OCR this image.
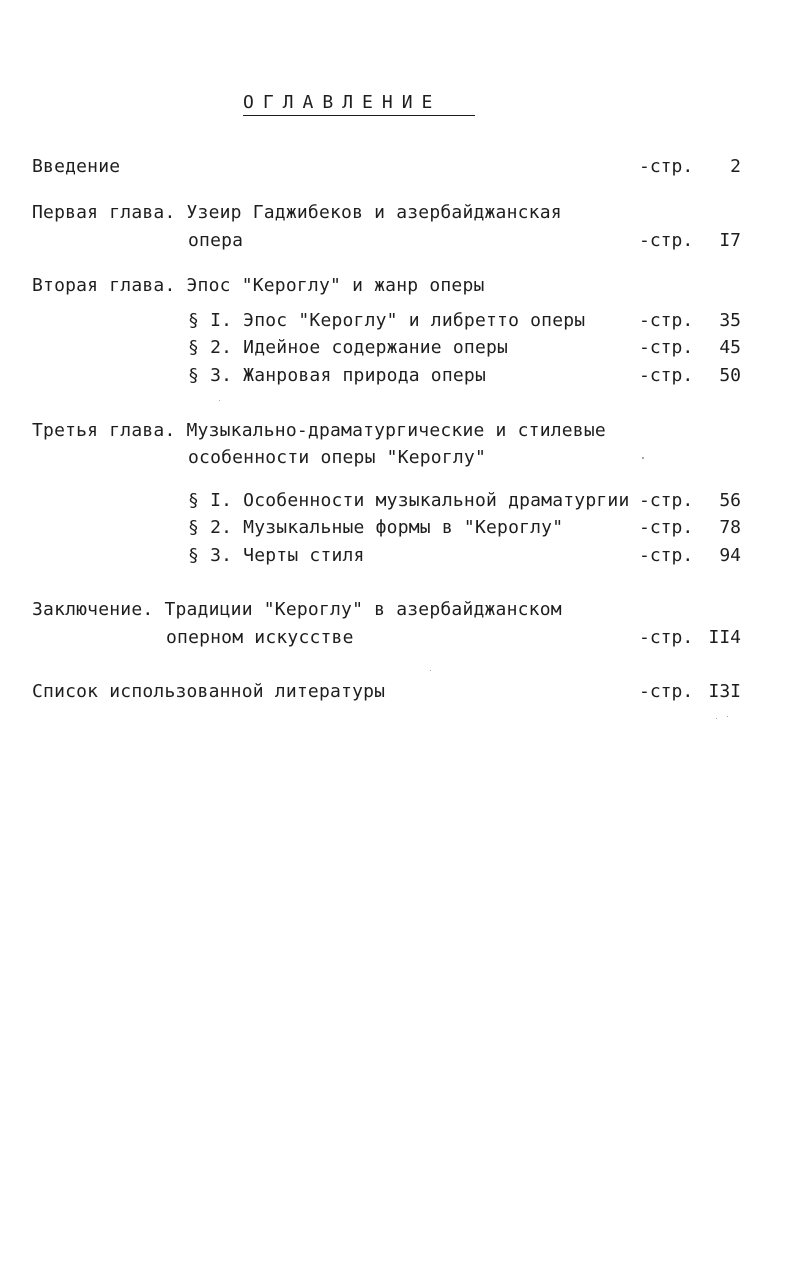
ОГЛАВЛЕНИЕ
Введение	-стр. 2
Первая глава. Узеир Гаджибеков и азербайджанская
опера	-стр. I7
Вторая глава. Эпос "Кероглу" и жанр оперы
§ I. Эпос "Кероглу" и либретто оперы	-стр. 35
§ 2. Идейное содержание оперы	-стр. 45
§ 3. Жанровая природа оперы	-стр. 50
Третья глава. Музыкально-драматургические и стилевые
особенности оперы "Кероглу"
§ I. Особенности музыкальной драматургии -стр. 56
§ 2. Музыкальные формы в "Кероглу"	-стр. 78
§ 3. Черты стиля	-стр. 94
Заключение. Традиции "Кероглу" в азербайджанском
оперном искусстве	-стр. II4
Список использованной литературы	-стр. I3I
